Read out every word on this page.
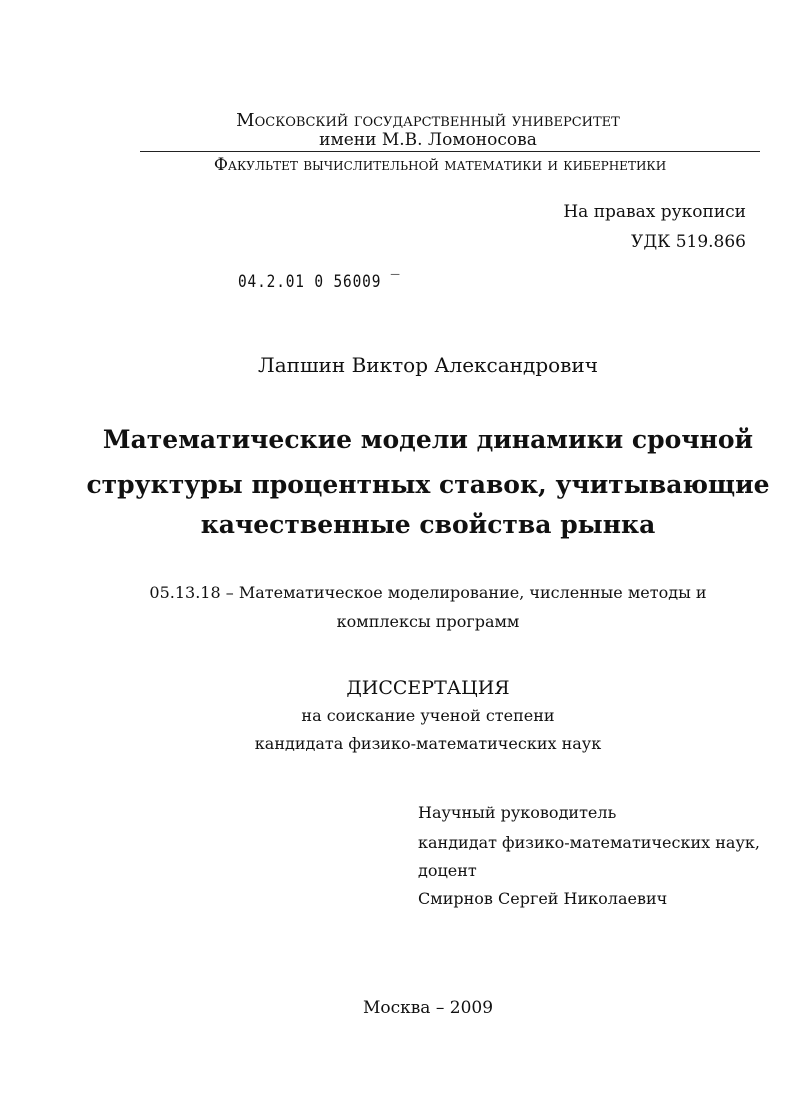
Московский государственный университет
имени М.В. Ломоносова
Факультет вычислительной математики и кибернетики
На правах рукописи
УДК 519.866
04.2.01 0 56009 ‾
Лапшин Виктор Александрович
Математические модели динамики срочной
структуры процентных ставок, учитывающие
качественные свойства рынка
05.13.18 – Математическое моделирование, численные методы и
комплексы программ
ДИССЕРТАЦИЯ
на соискание ученой степени
кандидата физико-математических наук
Научный руководитель
кандидат физико-математических наук,
доцент
Смирнов Сергей Николаевич
Москва – 2009
